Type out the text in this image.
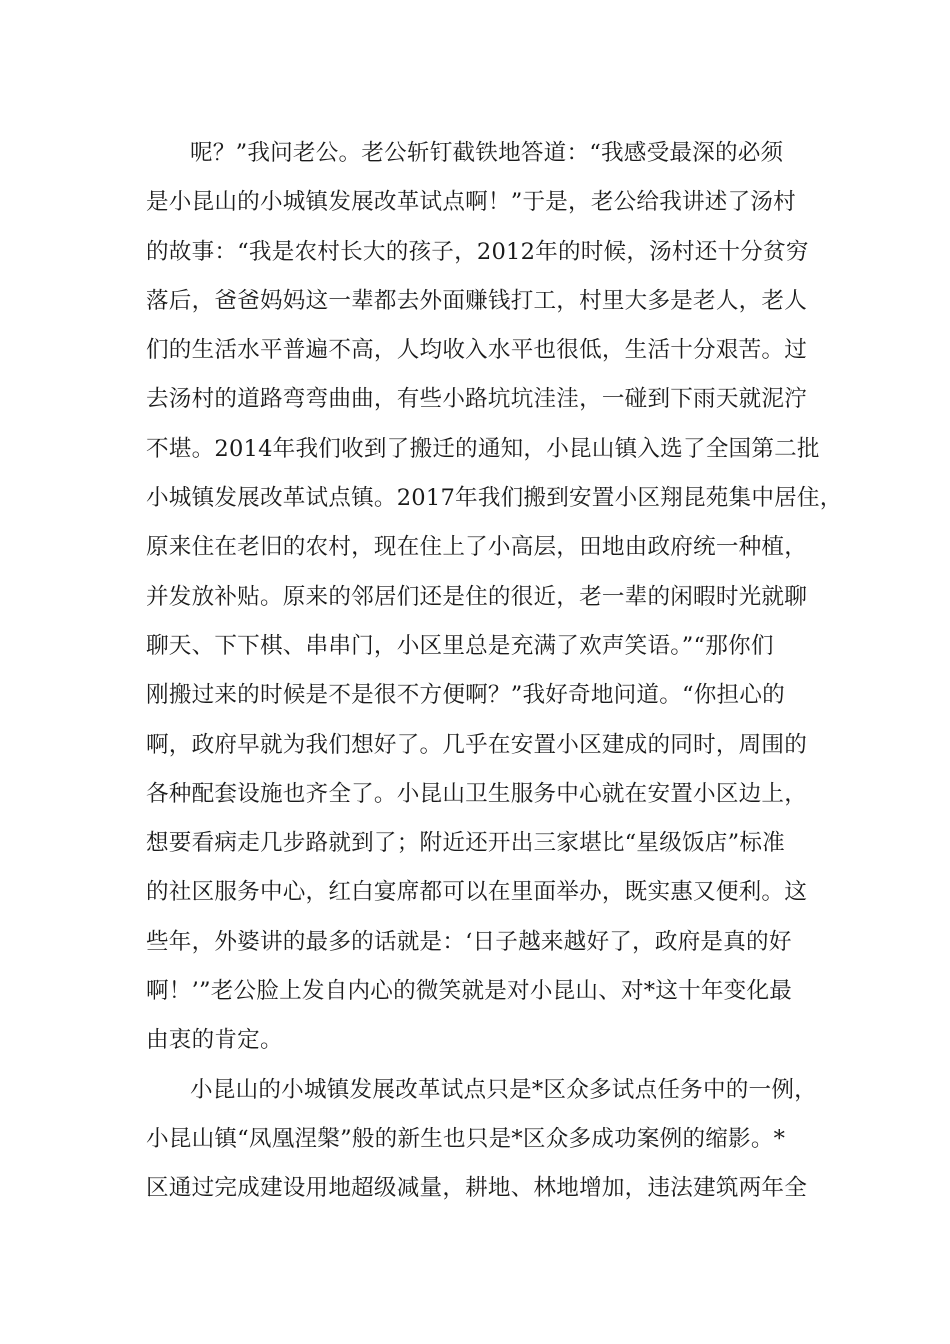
呢？”我问老公。老公斩钉截铁地答道：“我感受最深的必须
是小昆山的小城镇发展改革试点啊！”于是，老公给我讲述了汤村
的故事：“我是农村长大的孩子，2012年的时候，汤村还十分贫穷
落后，爸爸妈妈这一辈都去外面赚钱打工，村里大多是老人，老人
们的生活水平普遍不高，人均收入水平也很低，生活十分艰苦。过
去汤村的道路弯弯曲曲，有些小路坑坑洼洼，一碰到下雨天就泥泞
不堪。2014年我们收到了搬迁的通知，小昆山镇入选了全国第二批
小城镇发展改革试点镇。2017年我们搬到安置小区翔昆苑集中居住，
原来住在老旧的农村，现在住上了小高层，田地由政府统一种植，
并发放补贴。原来的邻居们还是住的很近，老一辈的闲暇时光就聊
聊天、下下棋、串串门，小区里总是充满了欢声笑语。”“那你们
刚搬过来的时候是不是很不方便啊？”我好奇地问道。“你担心的
啊，政府早就为我们想好了。几乎在安置小区建成的同时，周围的
各种配套设施也齐全了。小昆山卫生服务中心就在安置小区边上，
想要看病走几步路就到了；附近还开出三家堪比“星级饭店”标准
的社区服务中心，红白宴席都可以在里面举办，既实惠又便利。这
些年，外婆讲的最多的话就是：‘日子越来越好了，政府是真的好
啊！’”老公脸上发自内心的微笑就是对小昆山、对*这十年变化最
由衷的肯定。
小昆山的小城镇发展改革试点只是*区众多试点任务中的一例，
小昆山镇“凤凰涅槃”般的新生也只是*区众多成功案例的缩影。*
区通过完成建设用地超级减量，耕地、林地增加，违法建筑两年全
